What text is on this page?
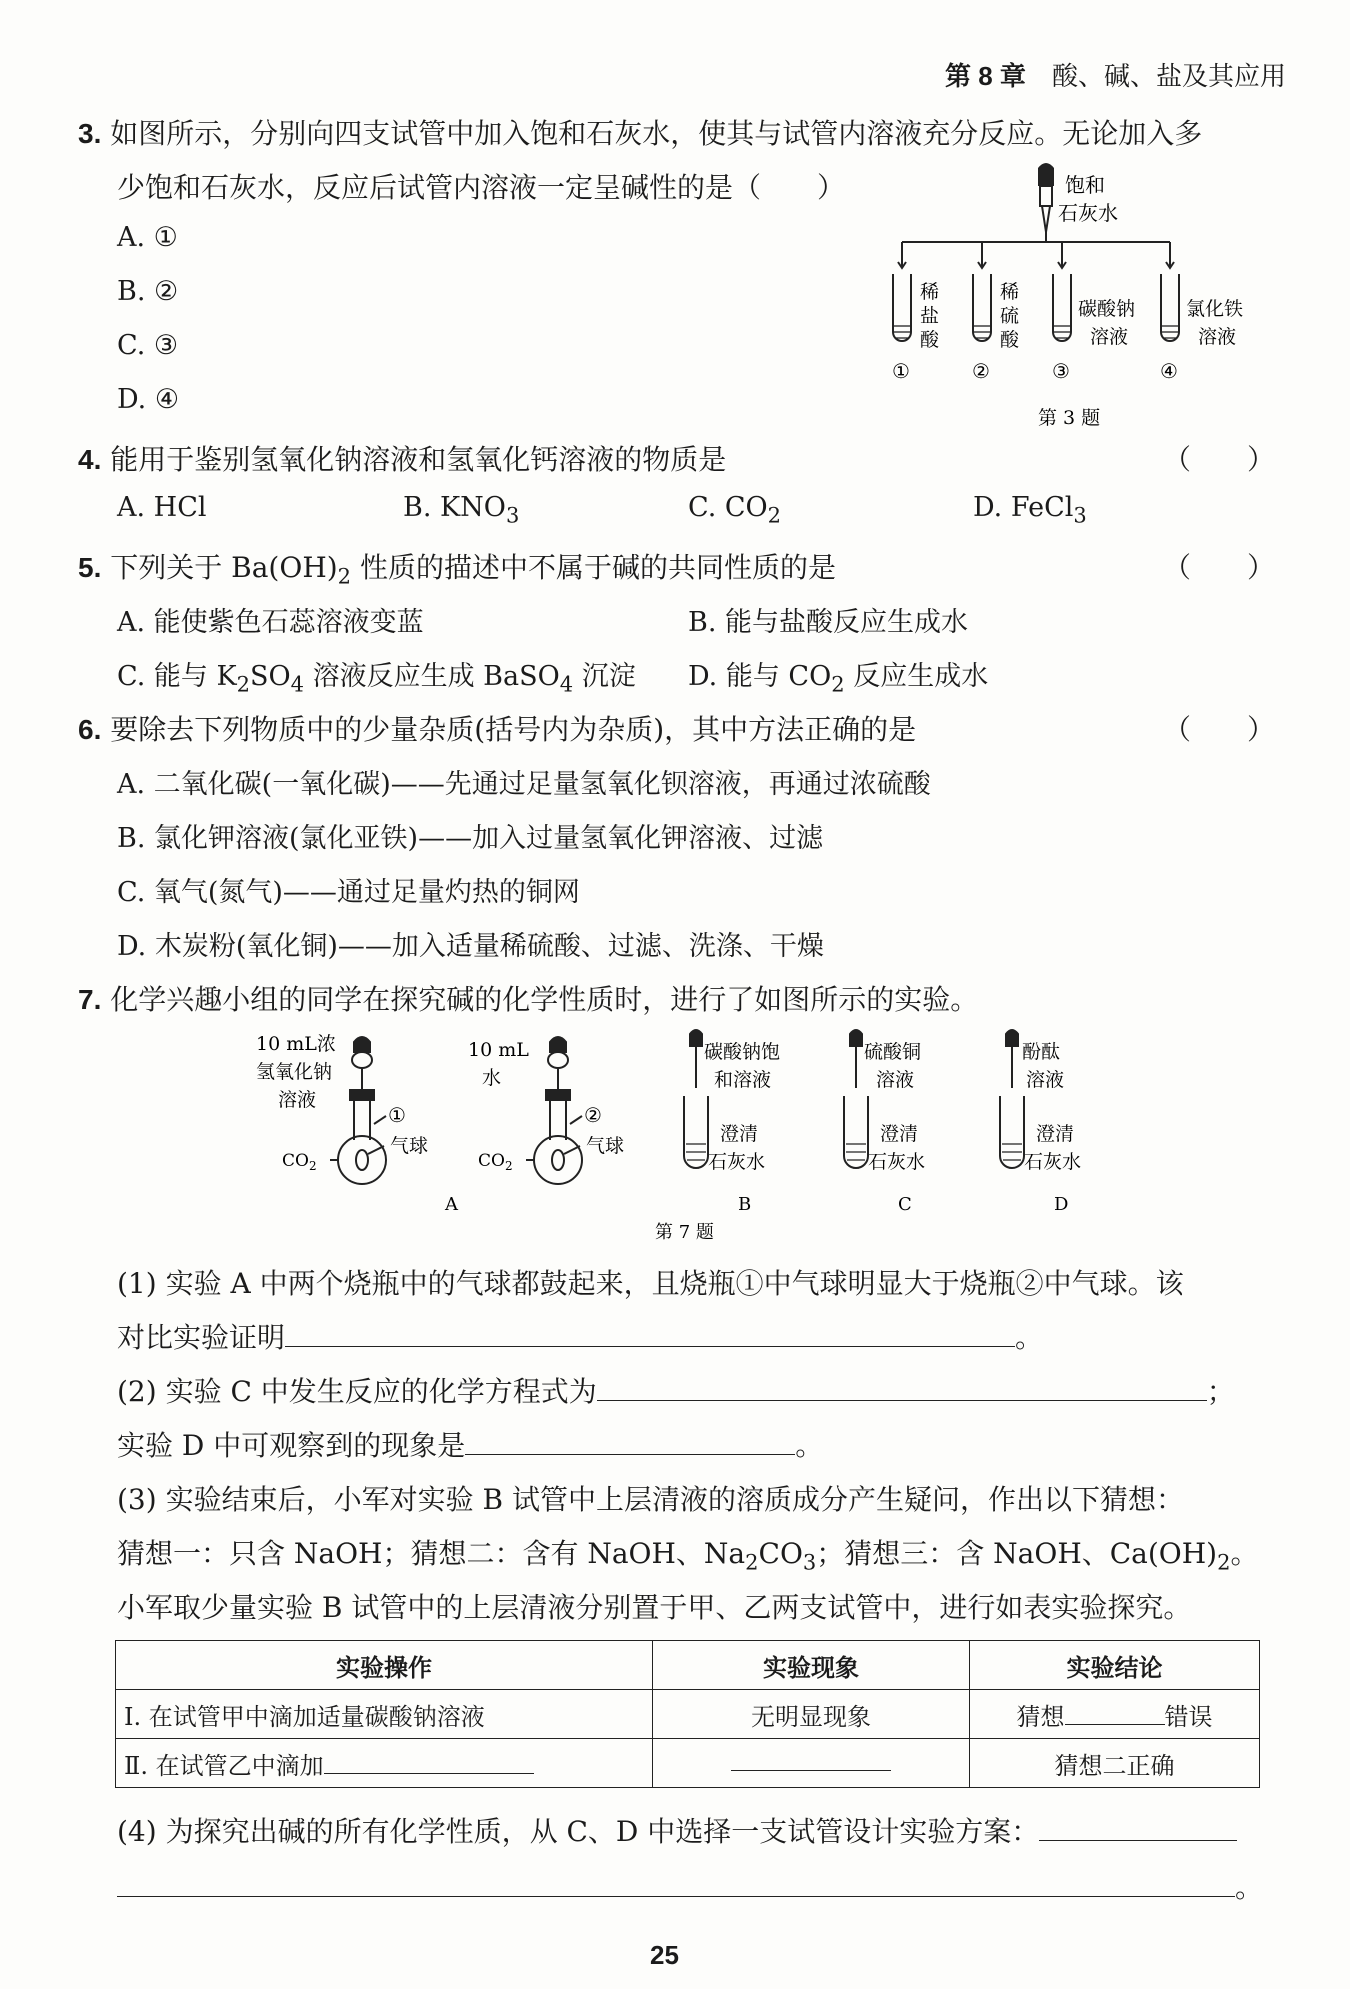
第 8 章　 酸、碱、盐及其应用
3. 如图所示，分别向四支试管中加入饱和石灰水，使其与试管内溶液充分反应。无论加入多
少饱和石灰水，反应后试管内溶液一定呈碱性的是（　　）
A. ①
B. ②
C. ③
D. ④
饱和
石灰水
稀
盐
酸
稀
硫
酸
碳酸钠
溶液
氯化铁
溶液
①	②	③	④
第 3 题
4. 能用于鉴别氢氧化钠溶液和氢氧化钙溶液的物质是	（　　）
A. HCl	B. $KNO_3$	C. $CO_2$	D. FeCl$_3$
5. 下列关于 $Ba(OH)_2$ 性质的描述中不属于碱的共同性质的是	（　　）
A. 能使紫色石蕊溶液变蓝	B. 能与盐酸反应生成水
C. 能与 $K_2SO_4$ 溶液反应生成 BaSO$_4$ 沉淀 D. 能与 $CO_2$ 反应生成水
6. 要除去下列物质中的少量杂质(括号内为杂质)，其中方法正确的是	（　　）
A. 二氧化碳(一氧化碳)——先通过足量氢氧化钡溶液，再通过浓硫酸
B. 氯化钾溶液(氯化亚铁)——加入过量氢氧化钾溶液、过滤
C. 氧气(氮气)——通过足量灼热的铜网
D. 木炭粉(氧化铜)——加入适量稀硫酸、过滤、洗涤、干燥
7. 化学兴趣小组的同学在探究碱的化学性质时，进行了如图所示的实验。
10 mL浓
氢氧化钠
溶液
①
气球
$CO_2$
A
10 mL
水
②
气球
$CO_2$
碳酸钠饱
和溶液
澄清
石灰水
B
硫酸铜
溶液
澄清
石灰水
C
酚酞
溶液
澄清
石灰水
D
第 7 题
(1) 实验 A 中两个烧瓶中的气球都鼓起来，且烧瓶①中气球明显大于烧瓶②中气球。该
对比实验证明	。
(2) 实验 C 中发生反应的化学方程式为	；
实验 D 中可观察到的现象是	。
(3) 实验结束后，小军对实验 B 试管中上层清液的溶质成分产生疑问，作出以下猜想：
猜想一：只含 NaOH；猜想二：含有 NaOH、$Na_2CO_3$；猜想三：含 NaOH、$Ca(OH)_2$。
小军取少量实验 B 试管中的上层清液分别置于甲、乙两支试管中，进行如表实验探究。
实验操作	实验现象	实验结论
Ⅰ. 在试管甲中滴加适量碳酸钠溶液	无明显现象	猜想 错误
Ⅱ. 在试管乙中滴加		猜想二正确
(4) 为探究出碱的所有化学性质，从 C、D 中选择一支试管设计实验方案：
。
25
